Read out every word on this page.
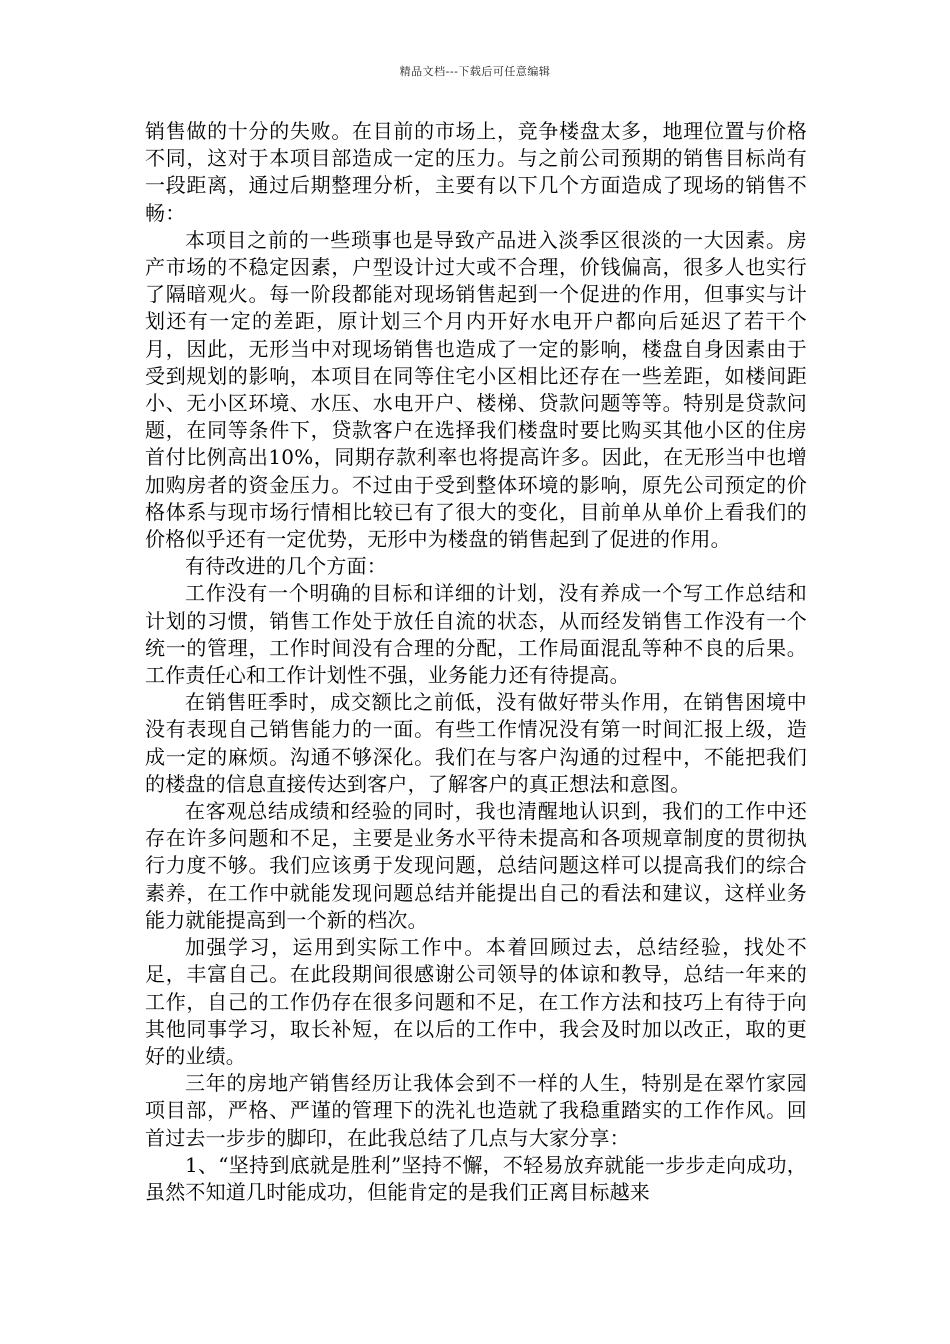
精品文档---下载后可任意编辑

销售做的十分的失败。在目前的市场上，竞争楼盘太多，地理位置与价格不同，这对于本项目部造成一定的压力。与之前公司预期的销售目标尚有一段距离，通过后期整理分析，主要有以下几个方面造成了现场的销售不畅：

本项目之前的一些琐事也是导致产品进入淡季区很淡的一大因素。房产市场的不稳定因素，户型设计过大或不合理，价钱偏高，很多人也实行了隔暗观火。每一阶段都能对现场销售起到一个促进的作用，但事实与计划还有一定的差距，原计划三个月内开好水电开户都向后延迟了若干个月，因此，无形当中对现场销售也造成了一定的影响，楼盘自身因素由于受到规划的影响，本项目在同等住宅小区相比还存在一些差距，如楼间距小、无小区环境、水压、水电开户、楼梯、贷款问题等等。特别是贷款问题，在同等条件下，贷款客户在选择我们楼盘时要比购买其他小区的住房首付比例高出10%，同期存款利率也将提高许多。因此，在无形当中也增加购房者的资金压力。不过由于受到整体环境的影响，原先公司预定的价格体系与现市场行情相比较已有了很大的变化，目前单从单价上看我们的价格似乎还有一定优势，无形中为楼盘的销售起到了促进的作用。

有待改进的几个方面：

工作没有一个明确的目标和详细的计划，没有养成一个写工作总结和计划的习惯，销售工作处于放任自流的状态，从而经发销售工作没有一个统一的管理，工作时间没有合理的分配，工作局面混乱等种不良的后果。工作责任心和工作计划性不强，业务能力还有待提高。

在销售旺季时，成交额比之前低，没有做好带头作用，在销售困境中没有表现自己销售能力的一面。有些工作情况没有第一时间汇报上级，造成一定的麻烦。沟通不够深化。我们在与客户沟通的过程中，不能把我们的楼盘的信息直接传达到客户，了解客户的真正想法和意图。

在客观总结成绩和经验的同时，我也清醒地认识到，我们的工作中还存在许多问题和不足，主要是业务水平待未提高和各项规章制度的贯彻执行力度不够。我们应该勇于发现问题，总结问题这样可以提高我们的综合素养，在工作中就能发现问题总结并能提出自己的看法和建议，这样业务能力就能提高到一个新的档次。

加强学习，运用到实际工作中。本着回顾过去，总结经验，找处不足，丰富自己。在此段期间很感谢公司领导的体谅和教导，总结一年来的工作，自己的工作仍存在很多问题和不足，在工作方法和技巧上有待于向其他同事学习，取长补短，在以后的工作中，我会及时加以改正，取的更好的业绩。

三年的房地产销售经历让我体会到不一样的人生，特别是在翠竹家园项目部，严格、严谨的管理下的洗礼也造就了我稳重踏实的工作作风。回首过去一步步的脚印，在此我总结了几点与大家分享：

1、“坚持到底就是胜利”坚持不懈，不轻易放弃就能一步步走向成功，虽然不知道几时能成功，但能肯定的是我们正离目标越来
